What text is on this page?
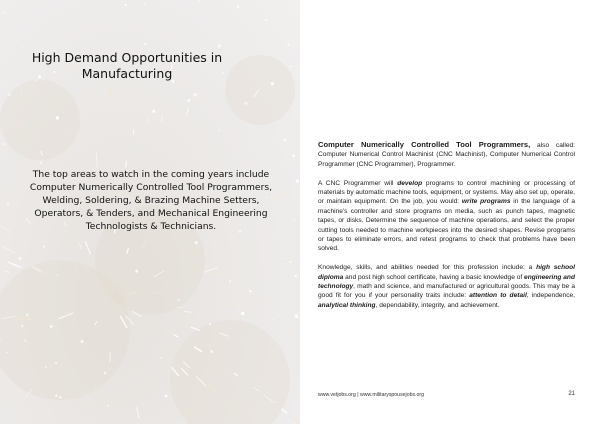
High Demand Opportunities in Manufacturing

The top areas to watch in the coming years include Computer Numerically Controlled Tool Programmers, Welding, Soldering, & Brazing Machine Setters, Operators, & Tenders, and Mechanical Engineering Technologists & Technicians.

Computer Numerically Controlled Tool Programmers, also called: Computer Numerical Control Machinist (CNC Machinist), Computer Numerical Control Programmer (CNC Programmer), Programmer.

A CNC Programmer will develop programs to control machining or processing of materials by automatic machine tools, equipment, or systems. May also set up, operate, or maintain equipment. On the job, you would: write programs in the language of a machine's controller and store programs on media, such as punch tapes, magnetic tapes, or disks. Determine the sequence of machine operations, and select the proper cutting tools needed to machine workpieces into the desired shapes. Revise programs or tapes to eliminate errors, and retest programs to check that problems have been solved.

Knowledge, skills, and abilities needed for this profession include: a high school diploma and post high school certificate, having a basic knowledge of engineering and technology, math and science, and manufactured or agricultural goods. This may be a good fit for you if your personality traits include: attention to detail, independence, analytical thinking, dependability, integrity, and achievement.

www.vetjobs.org | www.militaryspousejobs.org	21
